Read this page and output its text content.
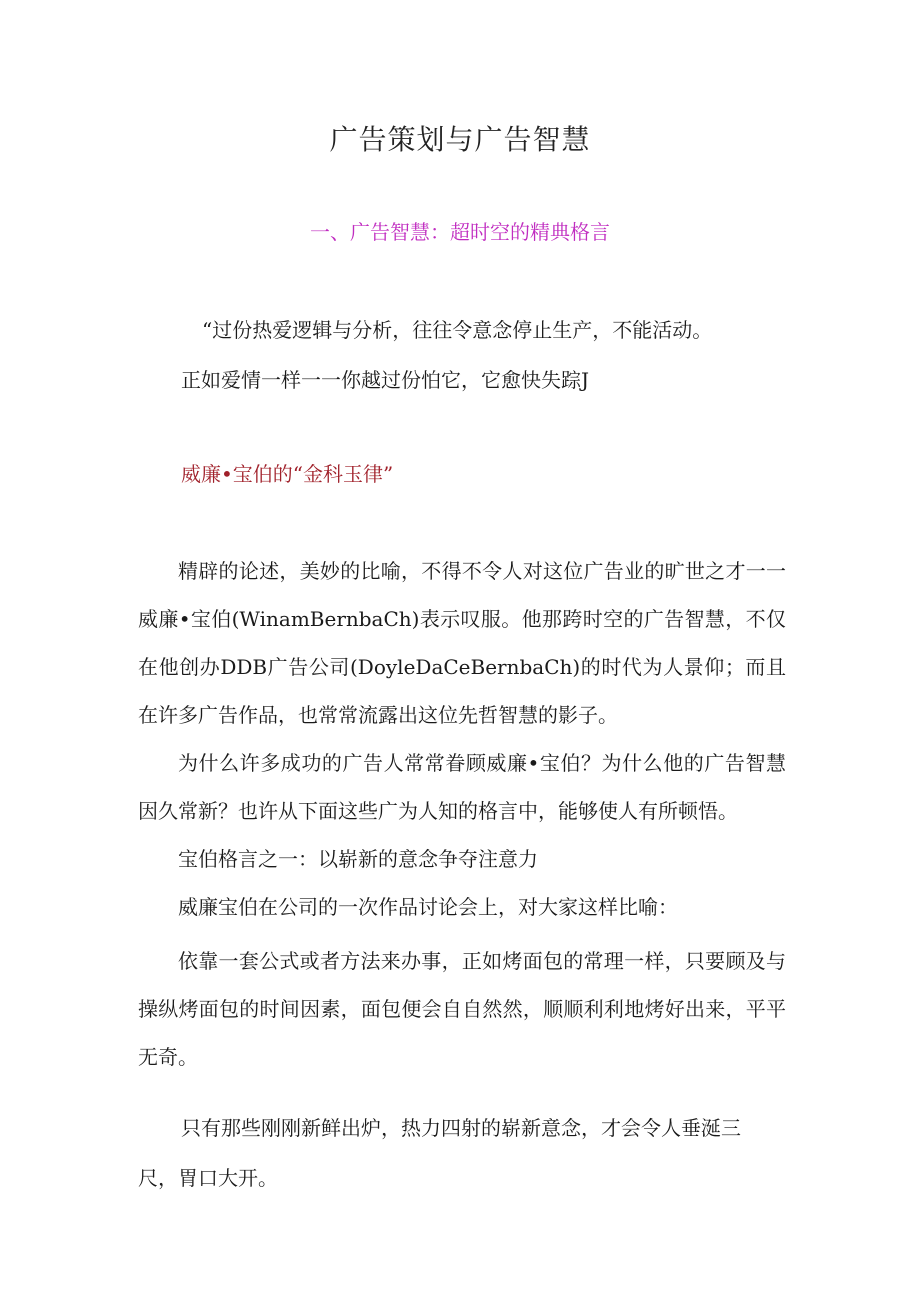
广告策划与广告智慧
一、广告智慧：超时空的精典格言
“过份热爱逻辑与分析，往往令意念停止生产，不能活动。
正如爱情一样一一你越过份怕它，它愈快失踪J
威廉•宝伯的“金科玉律”

精辟的论述，美妙的比喻，不得不令人对这位广告业的旷世之才一一威廉•宝伯(WinamBernbaCh)表示叹服。他那跨时空的广告智慧，不仅在他创办DDB广告公司(DoyleDaCeBernbaCh)的时代为人景仰；而且在许多广告作品，也常常流露出这位先哲智慧的影子。

为什么许多成功的广告人常常眷顾威廉•宝伯？为什么他的广告智慧因久常新？也许从下面这些广为人知的格言中，能够使人有所顿悟。

宝伯格言之一：以崭新的意念争夺注意力

威廉宝伯在公司的一次作品讨论会上，对大家这样比喻：

依靠一套公式或者方法来办事，正如烤面包的常理一样，只要顾及与操纵烤面包的时间因素，面包便会自自然然，顺顺利利地烤好出来，平平无奇。

只有那些刚刚新鲜出炉，热力四射的崭新意念，才会令人垂涎三
尺，胃口大开。
